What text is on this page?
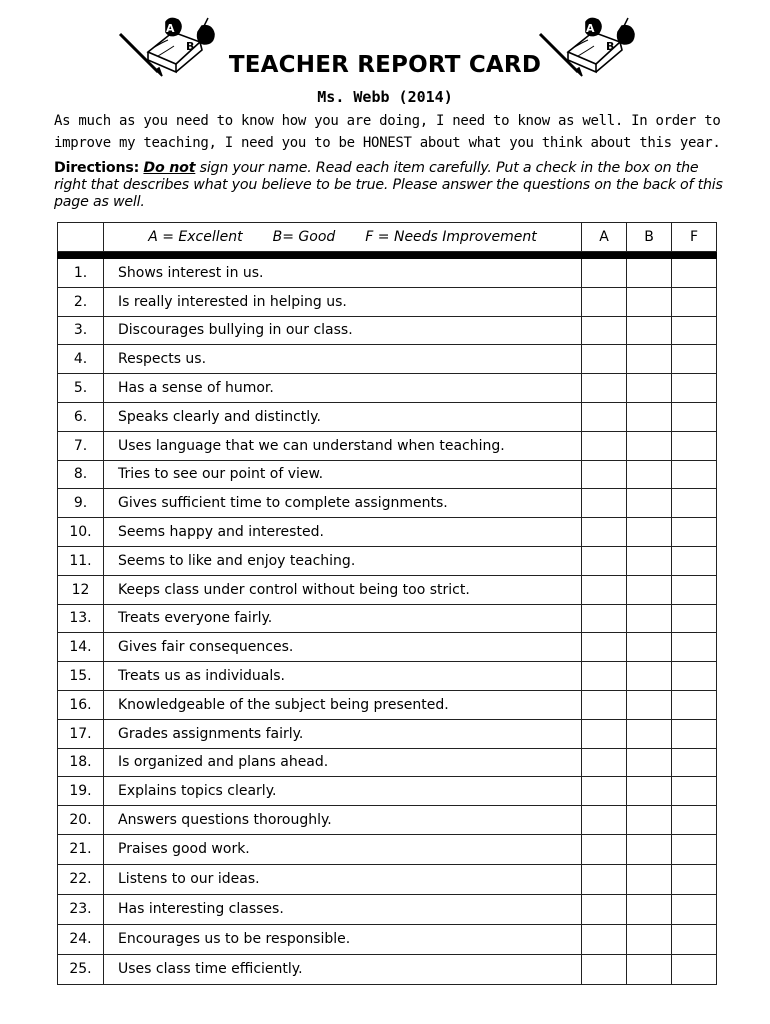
A
B
A
B
TEACHER REPORT CARD
Ms. Webb (2014)
As much as you need to know how you are doing, I need to know as well. In order to improve my teaching, I need you to be HONEST about what you think about this year.
Directions: Do not sign your name. Read each item carefully. Put a check in the box on the right that describes what you believe to be true. Please answer the questions on the back of this page as well.
	A = Excellent B= Good F = Needs Improvement	A	B	F

1.	Shows interest in us.			
2.	Is really interested in helping us.			
3.	Discourages bullying in our class.			
4.	Respects us.			
5.	Has a sense of humor.			
6.	Speaks clearly and distinctly.			
7.	Uses language that we can understand when teaching.			
8.	Tries to see our point of view.			
9.	Gives sufficient time to complete assignments.			
10.	Seems happy and interested.			
11.	Seems to like and enjoy teaching.			
12	Keeps class under control without being too strict.			
13.	Treats everyone fairly.			
14.	Gives fair consequences.			
15.	Treats us as individuals.			
16.	Knowledgeable of the subject being presented.			
17.	Grades assignments fairly.			
18.	Is organized and plans ahead.			
19.	Explains topics clearly.			
20.	Answers questions thoroughly.			
21.	Praises good work.			
22.	Listens to our ideas.			
23.	Has interesting classes.			
24.	Encourages us to be responsible.			
25.	Uses class time efficiently.			
